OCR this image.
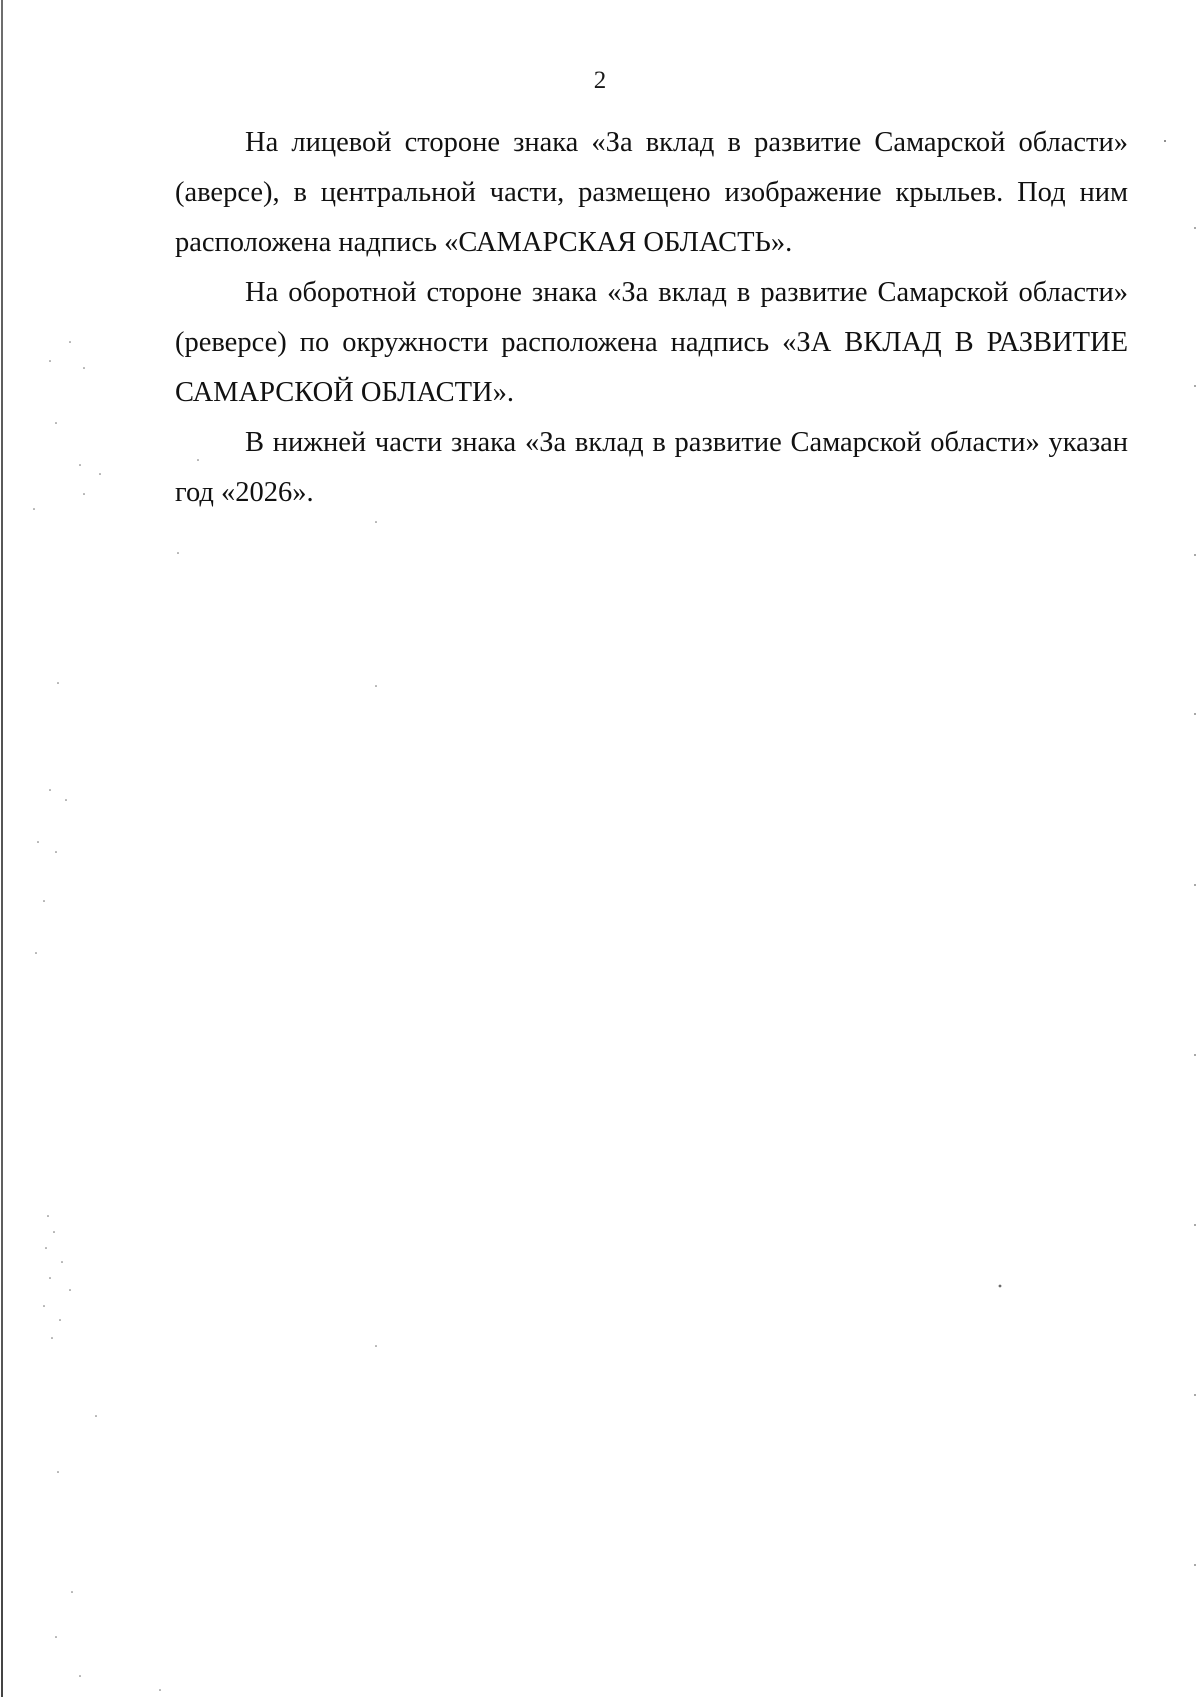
2

На лицевой стороне знака «За вклад в развитие Самарской области» (аверсе), в центральной части, размещено изображение крыльев. Под ним расположена надпись «САМАРСКАЯ ОБЛАСТЬ».

На оборотной стороне знака «За вклад в развитие Самарской области» (реверсе) по окружности расположена надпись «ЗА ВКЛАД В РАЗВИТИЕ САМАРСКОЙ ОБЛАСТИ».

В нижней части знака «За вклад в развитие Самарской области» указан год «2026».
